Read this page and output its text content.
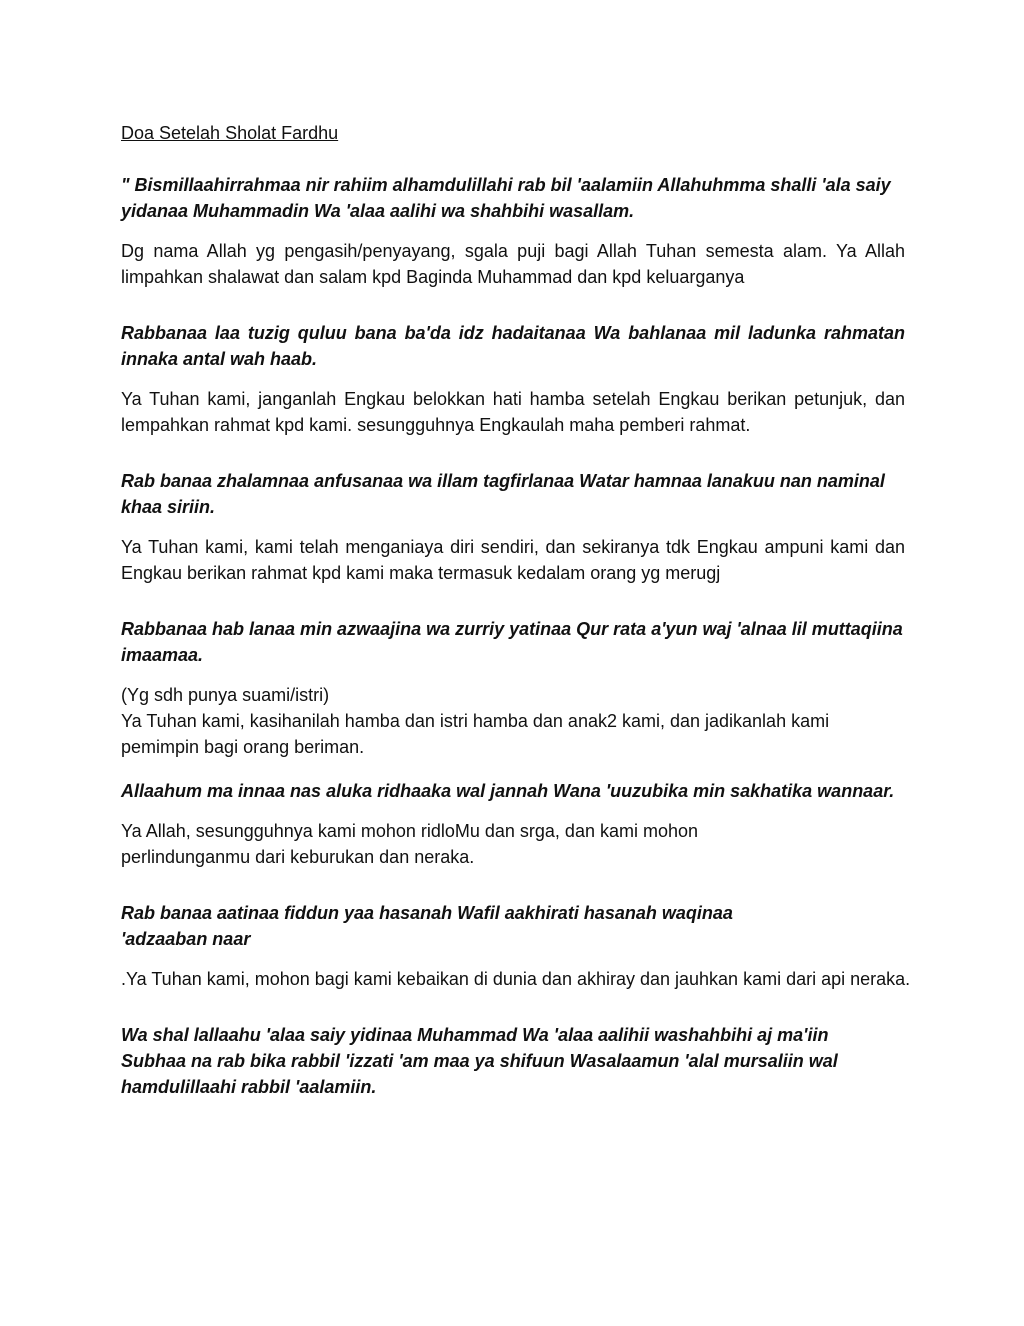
Doa Setelah Sholat Fardhu

" Bismillaahirrahmaa nir rahiim alhamdulillahi rab bil 'aalamiin Allahuhmma shalli 'ala saiy yidanaa Muhammadin Wa 'alaa aalihi wa shahbihi wasallam.

Dg nama Allah yg pengasih/penyayang, sgala puji bagi Allah Tuhan semesta alam. Ya Allah limpahkan shalawat dan salam kpd Baginda Muhammad dan kpd keluarganya

Rabbanaa laa tuzig quluu bana ba'da idz hadaitanaa Wa bahlanaa mil ladunka rahmatan innaka antal wah haab.

Ya Tuhan kami, janganlah Engkau belokkan hati hamba setelah Engkau berikan petunjuk, dan lempahkan rahmat kpd kami. sesungguhnya Engkaulah maha pemberi rahmat.

Rab banaa zhalamnaa anfusanaa wa illam tagfirlanaa Watar hamnaa lanakuu nan naminal khaa siriin.

Ya Tuhan kami, kami telah menganiaya diri sendiri, dan sekiranya tdk Engkau ampuni kami dan Engkau berikan rahmat kpd kami maka termasuk kedalam orang yg merugj

Rabbanaa hab lanaa min azwaajina wa zurriy yatinaa Qur rata a'yun waj 'alnaa lil muttaqiina imaamaa.

(Yg sdh punya suami/istri)

Ya Tuhan kami, kasihanilah hamba dan istri hamba dan anak2 kami, dan jadikanlah kami pemimpin bagi orang beriman.

Allaahum ma innaa nas aluka ridhaaka wal jannah Wana 'uuzubika min sakhatika wannaar.

Ya Allah, sesungguhnya kami mohon ridloMu dan srga, dan kami mohon perlindunganmu dari keburukan dan neraka.

Rab banaa aatinaa fiddun yaa hasanah Wafil aakhirati hasanah waqinaa 'adzaaban naar

.Ya Tuhan kami, mohon bagi kami kebaikan di dunia dan akhiray dan jauhkan kami dari api neraka.

Wa shal lallaahu 'alaa saiy yidinaa Muhammad Wa 'alaa aalihii washahbihi aj ma'iin Subhaa na rab bika rabbil 'izzati 'am maa ya shifuun Wasalaamun 'alal mursaliin wal hamdulillaahi rabbil 'aalamiin.
